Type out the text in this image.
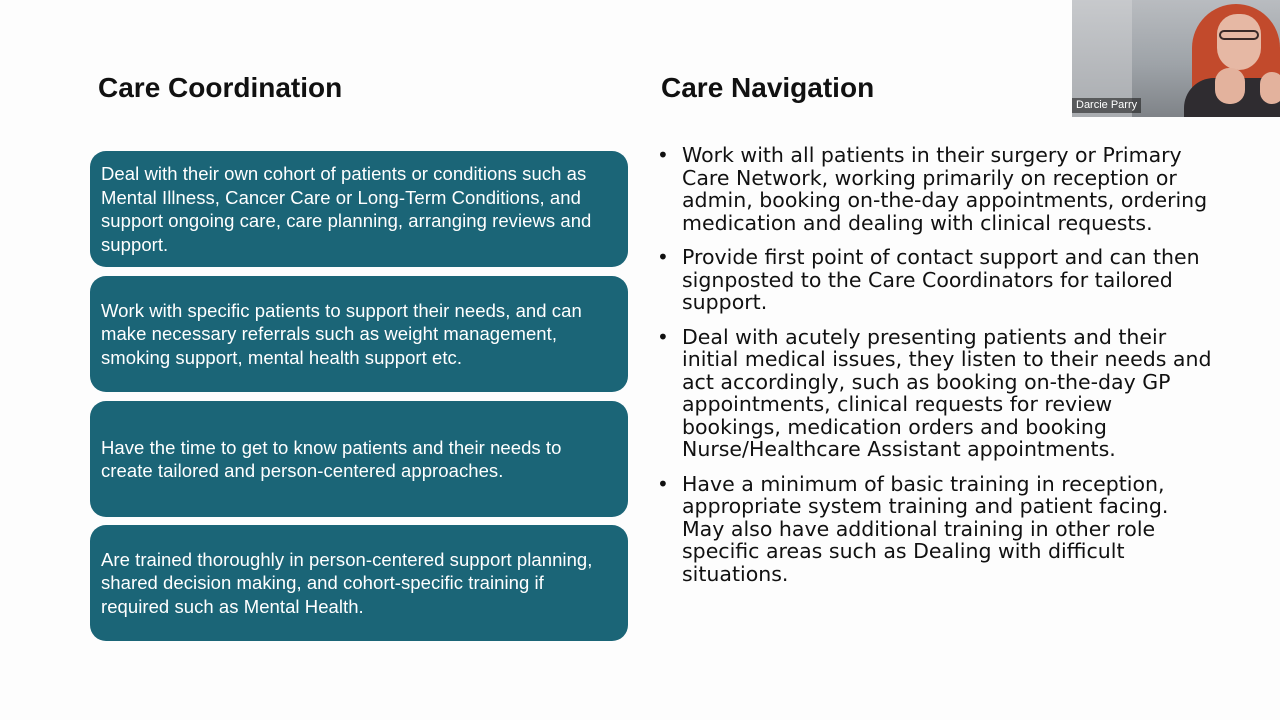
Care Coordination	Care Navigation
Deal with their own cohort of patients or conditions such as Mental Illness, Cancer Care or Long-Term Conditions, and support ongoing care, care planning, arranging reviews and support.
Work with specific patients to support their needs, and can make necessary referrals such as weight management, smoking support, mental health support etc.
Have the time to get to know patients and their needs to create tailored and person-centered approaches.
Are trained thoroughly in person-centered support planning, shared decision making, and cohort-specific training if required such as Mental Health.
• Work with all patients in their surgery or Primary Care Network, working primarily on reception or admin, booking on-the-day appointments, ordering medication and dealing with clinical requests.
• Provide first point of contact support and can then signposted to the Care Coordinators for tailored support.
• Deal with acutely presenting patients and their initial medical issues, they listen to their needs and act accordingly, such as booking on-the-day GP appointments, clinical requests for review bookings, medication orders and booking Nurse/Healthcare Assistant appointments.
• Have a minimum of basic training in reception, appropriate system training and patient facing. May also have additional training in other role specific areas such as Dealing with difficult situations.
Darcie Parry
